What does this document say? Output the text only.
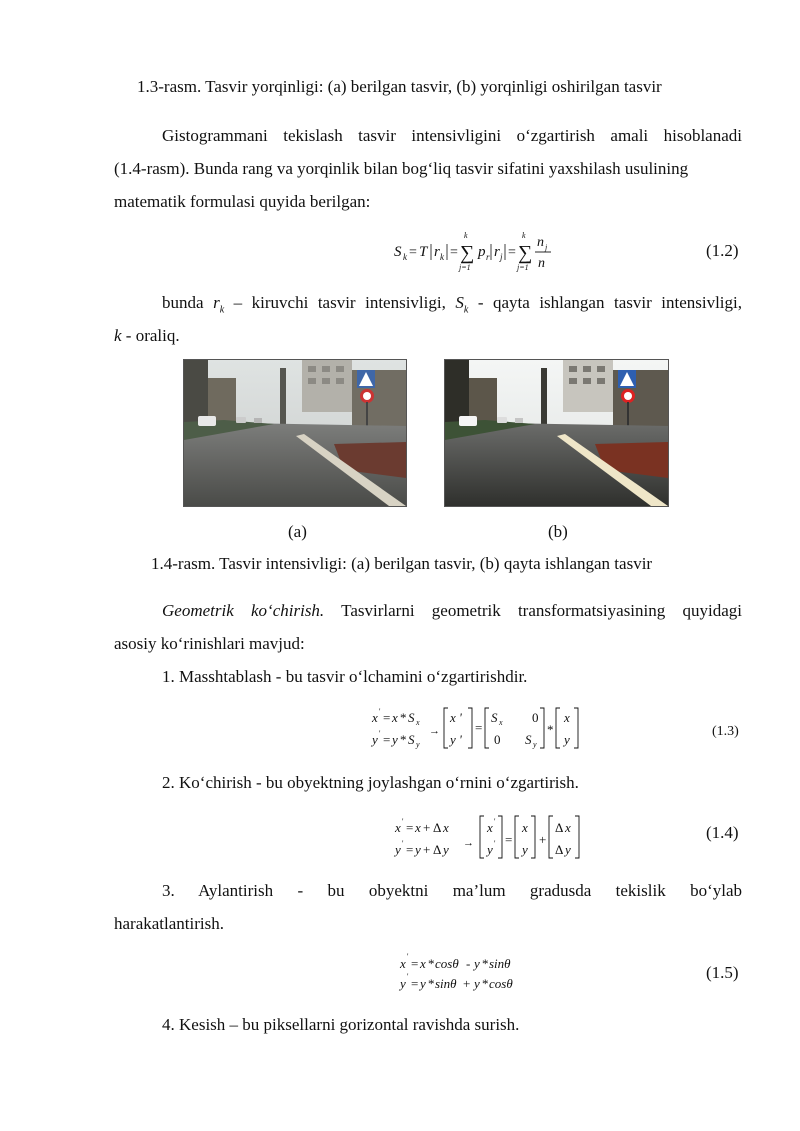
1.3-rasm. Tasvir yorqinligi: (a) berilgan tasvir, (b) yorqinligi oshirilgan tasvir
Gistogrammani tekislash tasvir intensivligini o‘zgartirish amali hisoblanadi
(1.4-rasm). Bunda rang va yorqinlik bilan bog‘liq tasvir sifatini yaxshilash usulining
matematik formulasi quyida berilgan:
S k = T r k = ∑
k
j=1
p r r j = ∑
k
j=1
n j
n
(1.2)
bunda $r_k$ – kiruvchi tasvir intensivligi, $S_k$ - qayta ishlangan tasvir intensivligi,
k - oraliq.
(a)	(b)
1.4-rasm. Tasvir intensivligi: (a) berilgan tasvir, (b) qayta ishlangan tasvir
Geometrik ko‘chirish. Tasvirlarni geometrik transformatsiyasining quyidagi
asosiy ko‘rinishlari mavjud:
1. Masshtablash - bu tasvir o‘lchamini o‘zgartirishdir.
x ' = x * S x
y ' = y * S y
→
x '
y '
=
S x 0
0 S y
*
x
y
(1.3)
2. Ko‘chirish - bu obyektning joylashgan o‘rnini o‘zgartirish.
x ' = x + Δ x
y ' = y + Δ y →
x '
y ' =
x
y
+
Δ x
Δ y
(1.4)
3. Aylantirish - bu obyektni ma’lum gradusda tekislik bo‘ylab
harakatlantirish.
x ' = x * cosθ - y * sinθ
y ' = y * sinθ + y * cosθ
(1.5)
4. Kesish – bu piksellarni gorizontal ravishda surish.
